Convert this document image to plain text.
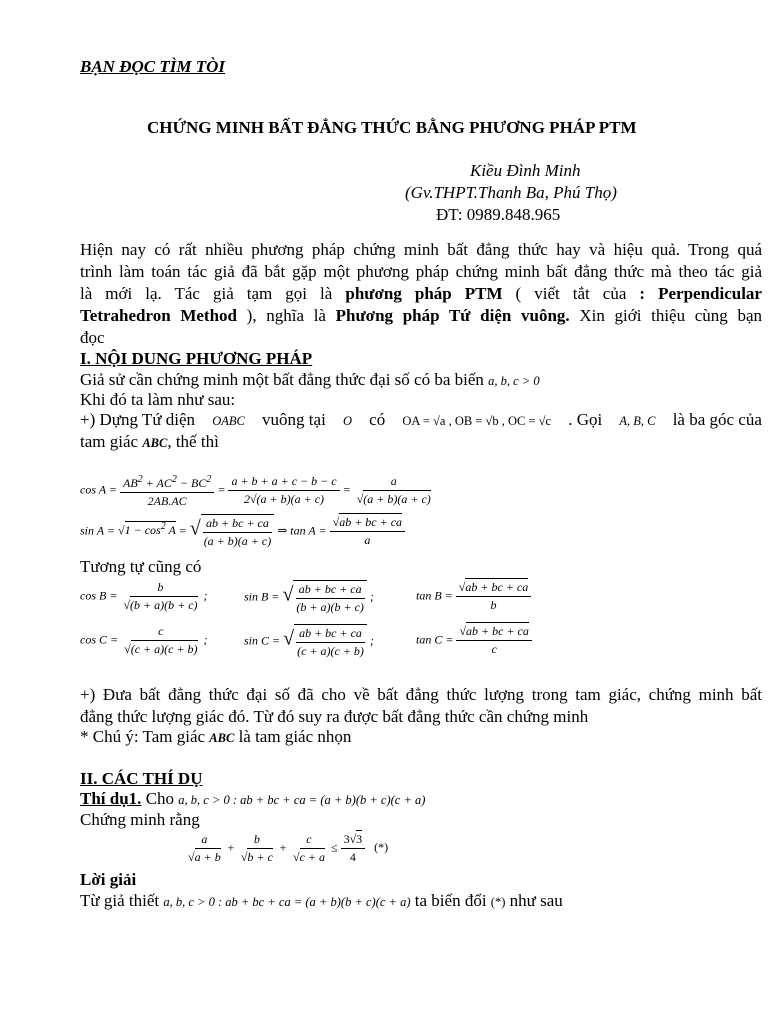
BẠN ĐỌC TÌM TÒI
CHỨNG MINH BẤT ĐẲNG THỨC BẰNG PHƯƠNG PHÁP PTM
Kiều Đình Minh
(Gv.THPT.Thanh Ba, Phú Thọ)
ĐT: 0989.848.965
Hiện nay có rất nhiều phương pháp chứng minh bất đẳng thức hay và hiệu quả. Trong quá
trình làm toán tác giả đã bắt gặp một phương pháp chứng minh bất đẳng thức mà theo tác giả
là mới lạ. Tác giả tạm gọi là phương pháp PTM ( viết tắt của : Perpendicular
Tetrahedron Method ), nghĩa là Phương pháp Tứ diện vuông. Xin giới thiệu cùng bạn
đọc
I. NỘI DUNG PHƯƠNG PHÁP
Giả sử cần chứng minh một bất đẳng thức đại số có ba biến a, b, c > 0
Khi đó ta làm như sau:
+) Dựng Tứ diện OABC vuông tại O có OA = √a , OB = √b , OC = √c . Gọi A, B, C là ba góc của
tam giác ABC, thế thì
$\cos A = \frac{AB^2 + AC^2 - BC^2}{2AB.AC} = \frac{a + b + a + c - b - c}{2√(a + b)(a + c)} = \frac{a}{√(a + b)(a + c)}$
$\sin A = √1 - \cos^2 A$ = √ $\frac{ab + bc + ca}{(a + b)(a + c)}$ ⇒ $\tan A = \frac{√ab + bc + ca}{a}$
Tương tự cũng có
$\cos B = \frac{b}{√(b + a)(b + c)}$ ;	sin B = √ $\frac{ab + bc + ca}{(b + a)(b + c)}$ ;	$\tan B = \frac{√ab + bc + ca}{b}$
$\cos C = \frac{c}{√(c + a)(c + b)}$ ;	sin C = √ $\frac{ab + bc + ca}{(c + a)(c + b)}$ ;	$\tan C = \frac{√ab + bc + ca}{c}$
+) Đưa bất đẳng thức đại số đã cho về bất đẳng thức lượng trong tam giác, chứng minh bất
đẳng thức lượng giác đó. Từ đó suy ra được bất đẳng thức cần chứng minh
* Chú ý: Tam giác ABC là tam giác nhọn
II. CÁC THÍ DỤ
Thí dụ1. Cho a, b, c > 0 : ab + bc + ca = (a + b)(b + c)(c + a)
Chứng minh rằng
$\frac{a}{√a + b} + \frac{b}{√b + c} + \frac{c}{√c + a} \le \frac{3√3}{4}$ (*)
Lời giải
Từ giả thiết a, b, c > 0 : ab + bc + ca = (a + b)(b + c)(c + a) ta biến đổi (*) như sau
